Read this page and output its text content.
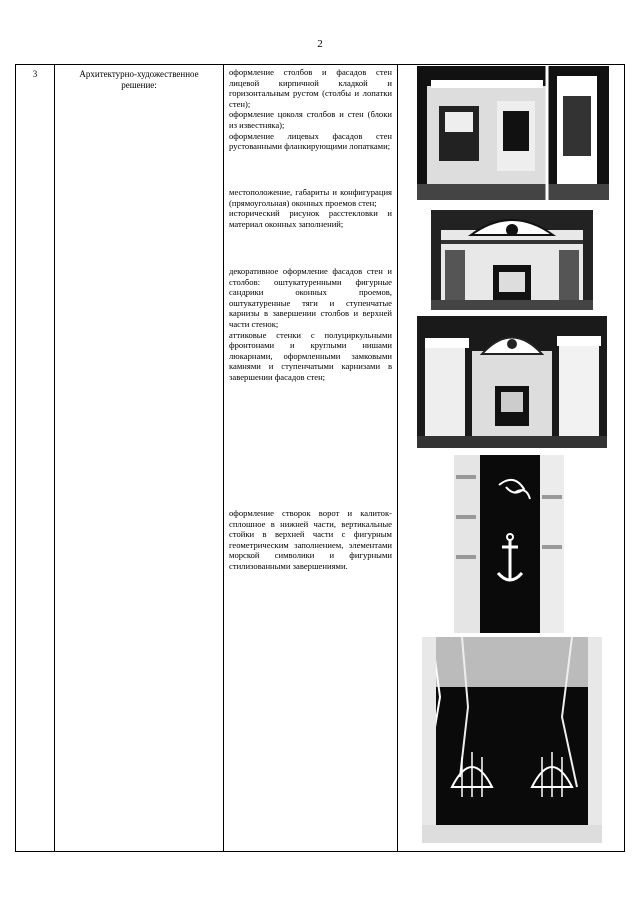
2
3	Архитектурно-художественное
решение:
оформление столбов и фасадов стен лицевой кирпичной кладкой и горизонтальным рустом (столбы и лопатки стен);
оформление цоколя столбов и стен (блоки из известняка);
оформление лицевых фасадов стен рустованными фланкирующими лопатками;
местоположение, габариты и конфигурация (прямоугольная) оконных проемов стен;
исторический рисунок расстекловки и материал оконных заполнений;
декоративное оформление фасадов стен и столбов: оштукатуренными фигурные сандрики оконных проемов, оштукатуренные тяги и ступенчатые карнизы в завершении столбов и верхней части стенок;
аттиковые стенки с полуциркульными фронтонами и круглыми нишами люкарнами, оформленными замковыми камнями и ступенчатыми карнизами в завершении фасадов стен;
оформление створок ворот и калиток- сплошное в нижней части, вертикальные стойки в верхней части с фигурным геометрическим заполнением, элементами морской символики и фигурными стилизованными завершениями.
